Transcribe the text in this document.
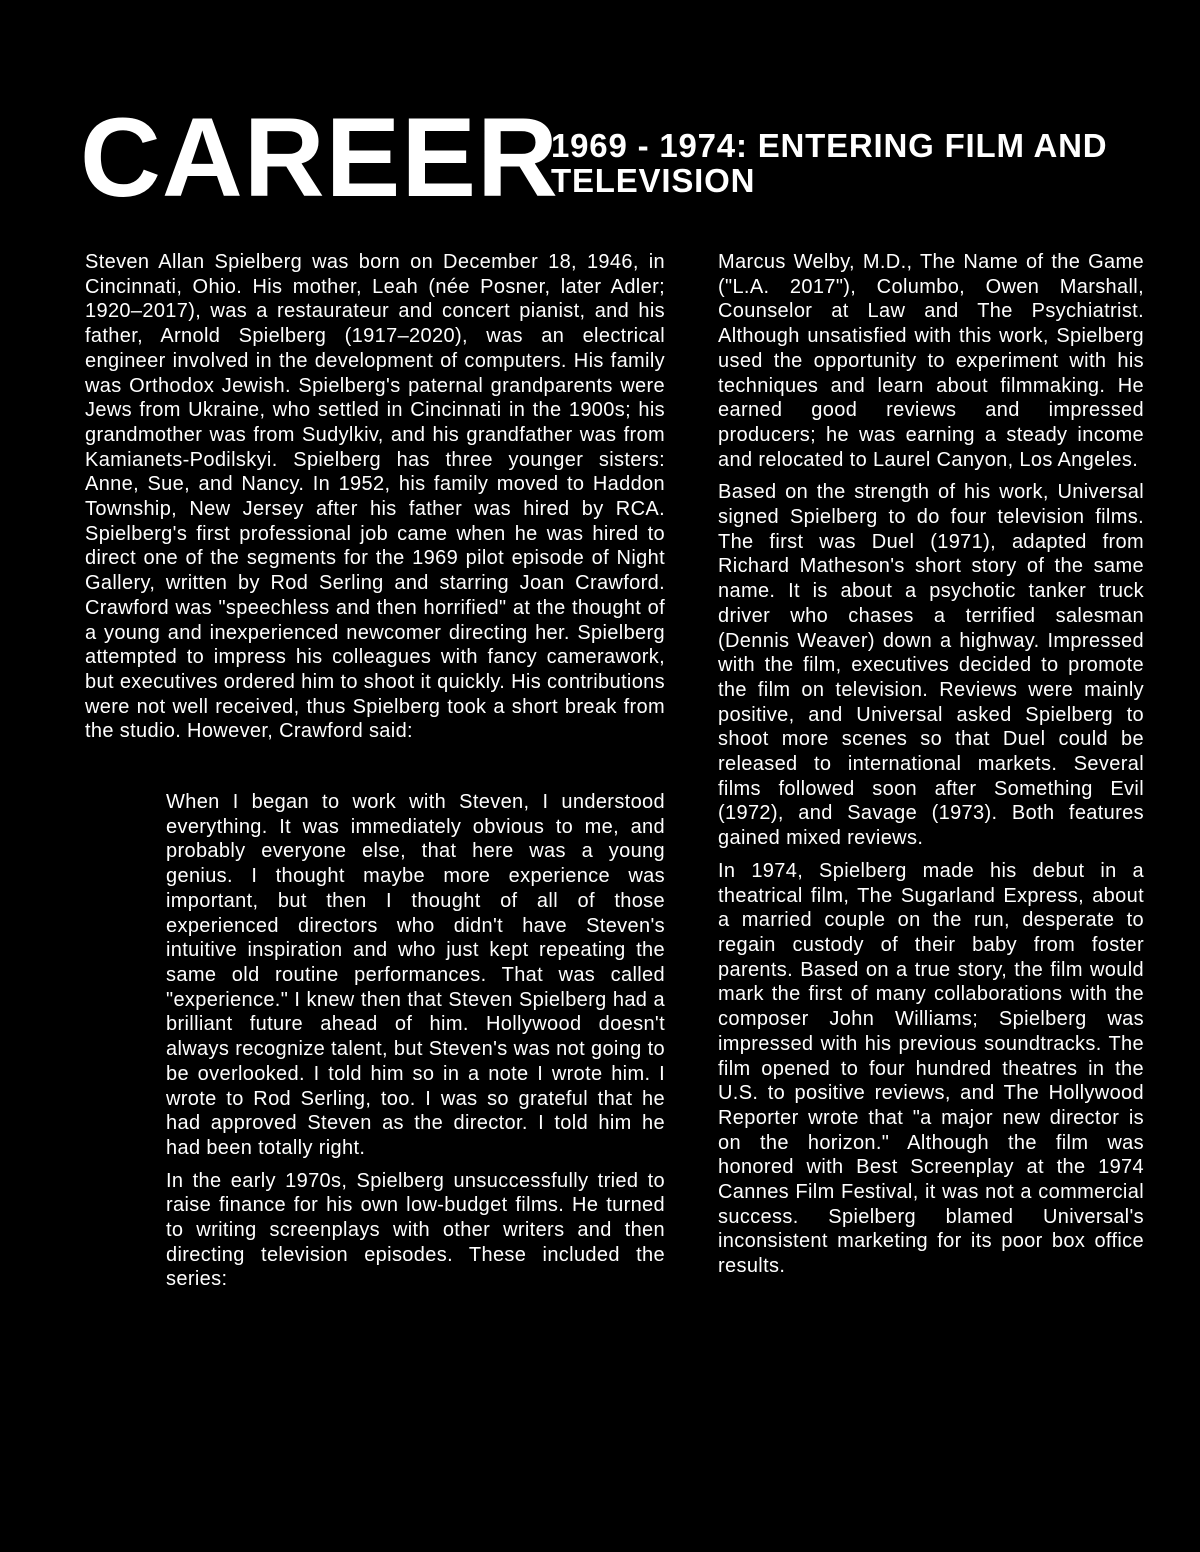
CAREER
1969 - 1974: ENTERING FILM AND TELEVISION

Steven Allan Spielberg was born on December 18, 1946, in Cincinnati, Ohio. His mother, Leah (née Posner, later Adler; 1920–2017), was a restaurateur and concert pianist, and his father, Arnold Spielberg (1917–2020), was an electrical engineer involved in the development of computers. His family was Orthodox Jewish. Spielberg's paternal grandparents were Jews from Ukraine, who settled in Cincinnati in the 1900s; his grandmother was from Sudylkiv, and his grandfather was from Kamianets-Podilskyi. Spielberg has three younger sisters: Anne, Sue, and Nancy. In 1952, his family moved to Haddon Township, New Jersey after his father was hired by RCA. Spielberg's first professional job came when he was hired to direct one of the segments for the 1969 pilot episode of Night Gallery, written by Rod Serling and starring Joan Crawford. Crawford was "speechless and then horrified" at the thought of a young and inexperienced newcomer directing her. Spielberg attempted to impress his colleagues with fancy camerawork, but executives ordered him to shoot it quickly. His contributions were not well received, thus Spielberg took a short break from the studio. However, Crawford said:

When I began to work with Steven, I understood everything. It was immediately obvious to me, and probably everyone else, that here was a young genius. I thought maybe more experience was important, but then I thought of all of those experienced directors who didn't have Steven's intuitive inspiration and who just kept repeating the same old routine performances. That was called "experience." I knew then that Steven Spielberg had a brilliant future ahead of him. Hollywood doesn't always recognize talent, but Steven's was not going to be overlooked. I told him so in a note I wrote him. I wrote to Rod Serling, too. I was so grateful that he had approved Steven as the director. I told him he had been totally right.

In the early 1970s, Spielberg unsuccessfully tried to raise finance for his own low-budget films. He turned to writing screenplays with other writers and then directing television episodes. These included the series:

Marcus Welby, M.D., The Name of the Game ("L.A. 2017"), Columbo, Owen Marshall, Counselor at Law and The Psychiatrist. Although unsatisfied with this work, Spielberg used the opportunity to experiment with his techniques and learn about filmmaking. He earned good reviews and impressed producers; he was earning a steady income and relocated to Laurel Canyon, Los Angeles.

Based on the strength of his work, Universal signed Spielberg to do four television films. The first was Duel (1971), adapted from Richard Matheson's short story of the same name. It is about a psychotic tanker truck driver who chases a terrified salesman (Dennis Weaver) down a highway. Impressed with the film, executives decided to promote the film on television. Reviews were mainly positive, and Universal asked Spielberg to shoot more scenes so that Duel could be released to international markets. Several films followed soon after Something Evil (1972), and Savage (1973). Both features gained mixed reviews.

In 1974, Spielberg made his debut in a theatrical film, The Sugarland Express, about a married couple on the run, desperate to regain custody of their baby from foster parents. Based on a true story, the film would mark the first of many collaborations with the composer John Williams; Spielberg was impressed with his previous soundtracks. The film opened to four hundred theatres in the U.S. to positive reviews, and The Hollywood Reporter wrote that "a major new director is on the horizon." Although the film was honored with Best Screenplay at the 1974 Cannes Film Festival, it was not a commercial success. Spielberg blamed Universal's inconsistent marketing for its poor box office results.
